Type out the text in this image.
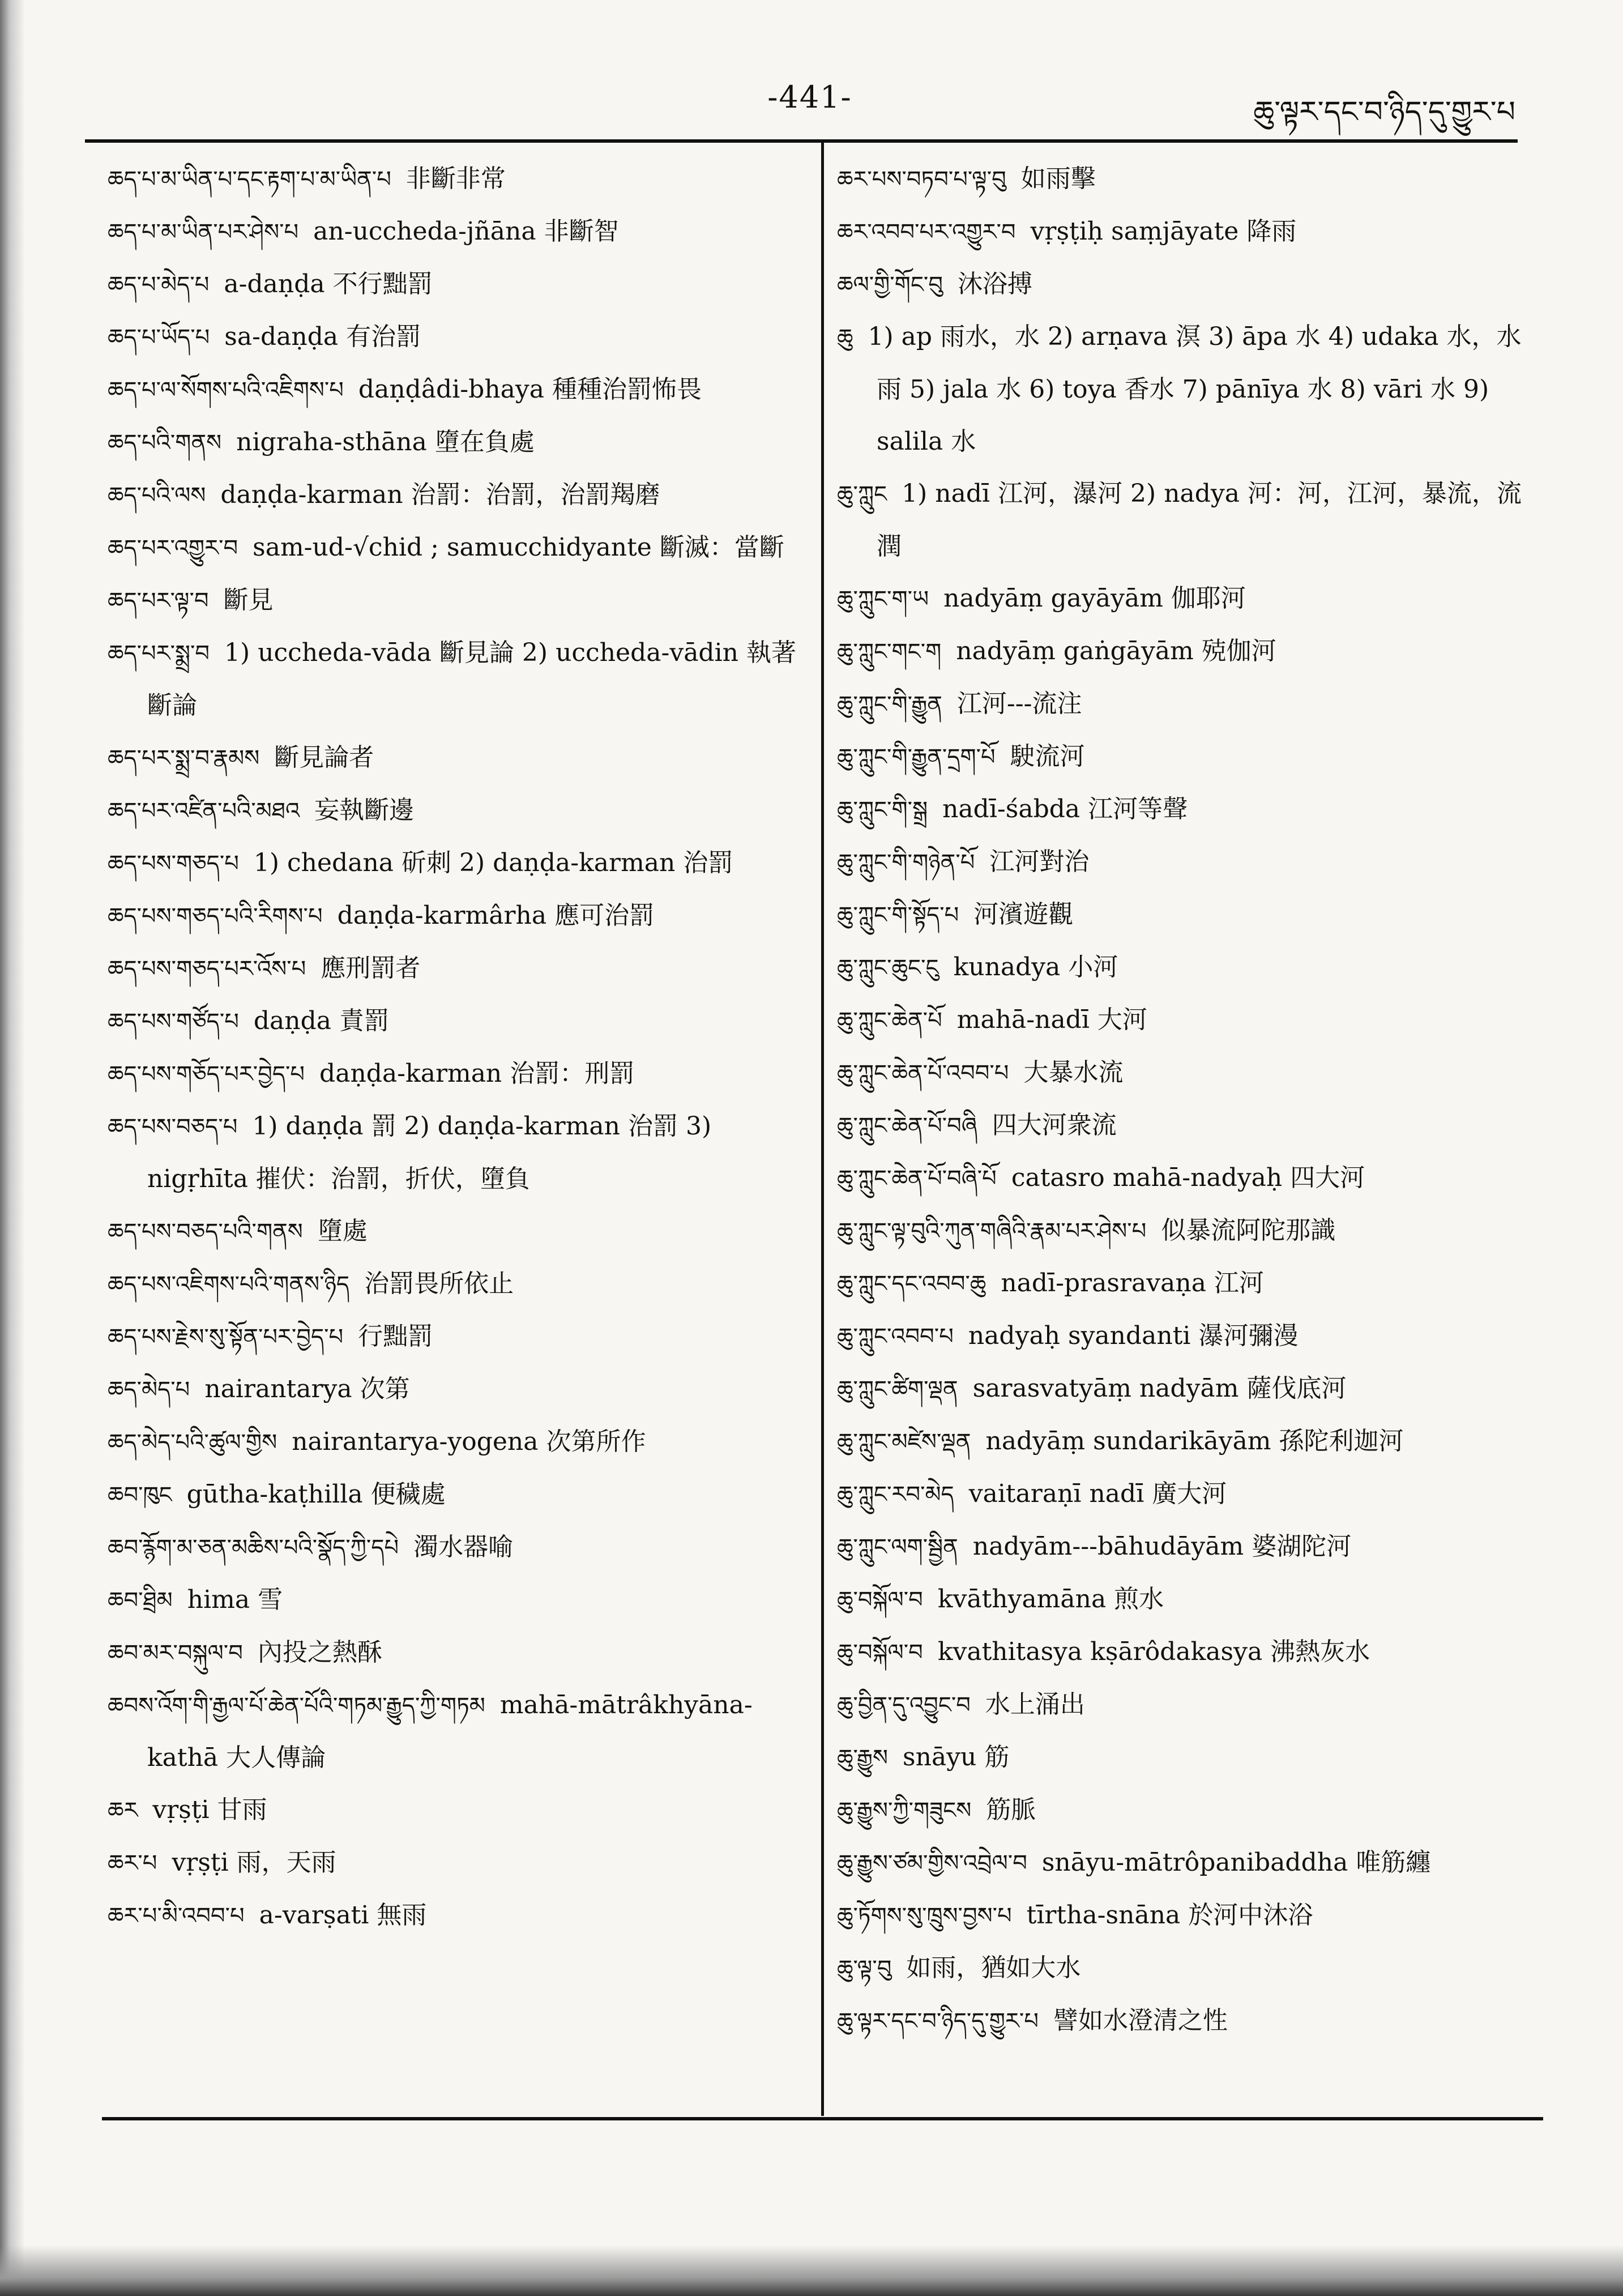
-441-	ཆུ་ལྟར་དང་བ་ཉིད་དུ་གྱུར་པ

ཆད་པ་མ་ཡིན་པ་དང་རྟག་པ་མ་ཡིན་པ 非斷非常

ཆད་པ་མ་ཡིན་པར་ཤེས་པ an-uccheda-jñāna 非斷智

ཆད་པ་མེད་པ a-daṇḍa 不行黜罰

ཆད་པ་ཡོད་པ sa-daṇḍa 有治罰

ཆད་པ་ལ་སོགས་པའི་འཇིགས་པ daṇḍâdi-bhaya 種種治罰怖畏

ཆད་པའི་གནས nigraha-sthāna 墮在負處

ཆད་པའི་ལས daṇḍa-karman 治罰：治罰，治罰羯磨

ཆད་པར་འགྱུར་བ sam-ud-√chid ; samucchidyante 斷滅：當斷

ཆད་པར་ལྟ་བ 斷見

ཆད་པར་སྨྲ་བ 1) uccheda-vāda 斷見論 2) uccheda-vādin 執著斷論

ཆད་པར་སྨྲ་བ་རྣམས 斷見論者

ཆད་པར་འཛིན་པའི་མཐའ 妄執斷邊

ཆད་པས་གཅད་པ 1) chedana 斫刺 2) daṇḍa-karman 治罰

ཆད་པས་གཅད་པའི་རིགས་པ daṇḍa-karmârha 應可治罰

ཆད་པས་གཅད་པར་འོས་པ 應刑罰者

ཆད་པས་གཙོད་པ daṇḍa 責罰

ཆད་པས་གཅོད་པར་བྱེད་པ daṇḍa-karman 治罰：刑罰

ཆད་པས་བཅད་པ 1) daṇḍa 罰 2) daṇḍa-karman 治罰 3) nigṛhīta 摧伏：治罰，折伏，墮負

ཆད་པས་བཅད་པའི་གནས 墮處

ཆད་པས་འཇིགས་པའི་གནས་ཉིད 治罰畏所依止

ཆད་པས་རྗེས་སུ་སྟོན་པར་བྱེད་པ 行黜罰

ཆད་མེད་པ nairantarya 次第

ཆད་མེད་པའི་ཚུལ་གྱིས nairantarya-yogena 次第所作

ཆབ་ཁུང gūtha-kaṭhilla 便穢處

ཆབ་རྙོག་མ་ཅན་མཆིས་པའི་སྣོད་ཀྱི་དཔེ 濁水器喻

ཆབ་ཐྲིམ hima 雪

ཆབ་མར་བསྐུལ་བ 內投之熱酥

ཆབས་འོག་གི་རྒྱལ་པོ་ཆེན་པོའི་གཏམ་རྒྱུད་ཀྱི་གཏམ mahā-mātrâkhyāna-kathā 大人傳論

ཆར vṛṣṭi 甘雨

ཆར་པ vṛṣṭi 雨，天雨

ཆར་པ་མི་འབབ་པ a-varṣati 無雨

ཆར་པས་བཏབ་པ་ལྟ་བུ 如雨擊

ཆར་འབབ་པར་འགྱུར་བ vṛṣṭiḥ saṃjāyate 降雨

ཆལ་གྱི་གོང་བུ 沐浴搏

ཆུ 1) ap 雨水，水 2) arṇava 溟 3) āpa 水 4) udaka 水，水雨 5) jala 水 6) toya 香水 7) pānīya 水 8) vāri 水 9) salila 水

ཆུ་ཀླུང 1) nadī 江河，瀑河 2) nadya 河：河，江河，暴流，流潤

ཆུ་ཀླུང་ག་ཡ nadyāṃ gayāyām 伽耶河

ཆུ་ཀླུང་གང་ག nadyāṃ gaṅgāyām 殑伽河

ཆུ་ཀླུང་གི་རྒྱུན 江河---流注

ཆུ་ཀླུང་གི་རྒྱུན་དྲག་པོ 駛流河

ཆུ་ཀླུང་གི་སྒྲ nadī-śabda 江河等聲

ཆུ་ཀླུང་གི་གཉེན་པོ 江河對治

ཆུ་ཀླུང་གི་སྟོད་པ 河濱遊觀

ཆུ་ཀླུང་ཆུང་ངུ kunadya 小河

ཆུ་ཀླུང་ཆེན་པོ mahā-nadī 大河

ཆུ་ཀླུང་ཆེན་པོ་འབབ་པ 大暴水流

ཆུ་ཀླུང་ཆེན་པོ་བཞི 四大河衆流

ཆུ་ཀླུང་ཆེན་པོ་བཞི་པོ catasro mahā-nadyaḥ 四大河

ཆུ་ཀླུང་ལྟ་བུའི་ཀུན་གཞིའི་རྣམ་པར་ཤེས་པ 似暴流阿陀那識

ཆུ་ཀླུང་དང་འབབ་ཆུ nadī-prasravaṇa 江河

ཆུ་ཀླུང་འབབ་པ nadyaḥ syandanti 瀑河彌漫

ཆུ་ཀླུང་ཚིག་ལྡན sarasvatyāṃ nadyām 薩伐底河

ཆུ་ཀླུང་མཛེས་ལྡན nadyāṃ sundarikāyām 孫陀利迦河

ཆུ་ཀླུང་རབ་མེད vaitaraṇī nadī 廣大河

ཆུ་ཀླུང་ལག་སྦྱིན nadyām---bāhudāyām 婆湖陀河

ཆུ་བསྐོལ་བ kvāthyamāna 煎水

ཆུ་བསྐོལ་བ kvathitasya kṣārôdakasya 沸熱灰水

ཆུ་བྱིན་དུ་འབྱུང་བ 水上涌出

ཆུ་རྒྱུས snāyu 筋

ཆུ་རྒྱུས་ཀྱི་གཟུངས 筋脈

ཆུ་རྒྱུས་ཙམ་གྱིས་འབྲེལ་བ snāyu-mātrôpanibaddha 唯筋纏

ཆུ་ཏོགས་སུ་ཁྲུས་བྱས་པ tīrtha-snāna 於河中沐浴

ཆུ་ལྟ་བུ 如雨，猶如大水

ཆུ་ལྟར་དང་བ་ཉིད་དུ་གྱུར་པ 譬如水澄清之性
